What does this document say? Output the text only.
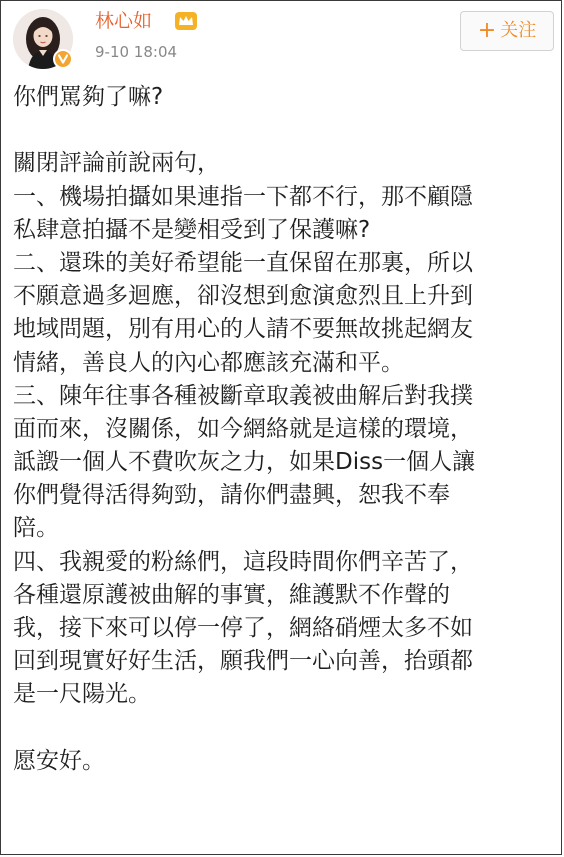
林心如
9-10 18:04
+ 关注
你們罵夠了嘛?
關閉評論前說兩句，
一、機場拍攝如果連指一下都不行，那不顧隱
私肆意拍攝不是變相受到了保護嘛?
二、還珠的美好希望能一直保留在那裏，所以
不願意過多迴應，卻沒想到愈演愈烈且上升到
地域問題，別有用心的人請不要無故挑起網友
情緒，善良人的內心都應該充滿和平。
三、陳年往事各種被斷章取義被曲解后對我撲
面而來，沒關係，如今網絡就是這樣的環境，
詆譭一個人不費吹灰之力，如果Diss一個人讓
你們覺得活得夠勁，請你們盡興，恕我不奉
陪。
四、我親愛的粉絲們，這段時間你們辛苦了，
各種還原護被曲解的事實，維護默不作聲的
我，接下來可以停一停了，網絡硝煙太多不如
回到現實好好生活，願我們一心向善，抬頭都
是一尺陽光。
愿安好。
